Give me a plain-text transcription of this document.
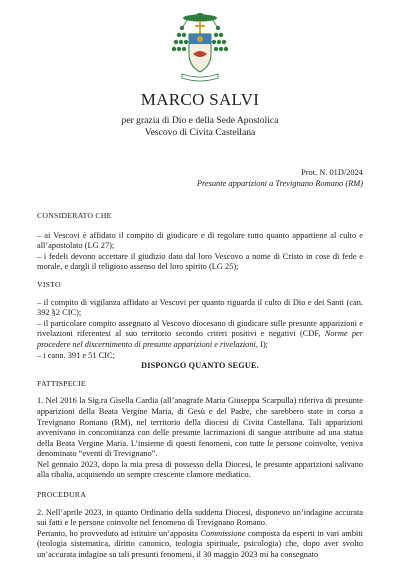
MARCO SALVI
per grazia di Dio e della Sede Apostolica
Vescovo di Civita Castellana
Prot. N. 01D/2024
Presunte apparizioni a Trevignano Romano (RM)
CONSIDERATO CHE
– ai Vescovi è affidato il compito di giudicare e di regolare tutto quanto appartiene al culto e all’apostolato (LG 27);
– i fedeli devono accettare il giudizio dato dal loro Vescovo a nome di Cristo in cose di fede e morale, e dargli il religioso assenso del loro spirito (LG 25);
VISTO
– il compito di vigilanza affidato ai Vescovi per quanto riguarda il culto di Dio e dei Santi (can. 392 §2 CIC);
– il particolare compito assegnato al Vescovo diocesano di giudicare sulle presunte apparizioni e rivelazioni riferentesi al suo territorio secondo criteri positivi e negativi (CDF, Norme per procedere nel discernimento di presunte apparizioni e rivelazioni, I);
– i cann. 391 e 51 CIC;
DISPONGO QUANTO SEGUE.
FATTISPECIE
1. Nel 2016 la Sig.ra Gisella Cardia (all’anagrafe Maria Giuseppa Scarpulla) riferiva di presunte apparizioni della Beata Vergine Maria, di Gesù e del Padre, che sarebbero state in corso a Trevignano Romano (RM), nel territorio della diocesi di Civita Castellana. Tali apparizioni avvenivano in concomitanza con delle presunte lacrimazioni di sangue attribuite ad una statua della Beata Vergine Maria. L’insieme di questi fenomeni, con tutte le persone coinvolte, veniva denominato “eventi di Trevignano”.
Nel gennaio 2023, dopo la mia presa di possesso della Diocesi, le presunte apparizioni salivano alla ribalta, acquisendo un sempre crescente clamore mediatico.
PROCEDURA
2. Nell’aprile 2023, in quanto Ordinario della suddetta Diocesi, disponevo un’indagine accurata sui fatti e le persone coinvolte nel fenomeno di Trevignano Romano.
Pertanto, ho provveduto ad istituire un’apposita Commissione composta da esperti in vari ambiti (teologia sistematica, diritto canonico, teologia spirituale, psicologia) che, dopo aver svolto un’accurata indagine su tali presunti fenomeni, il 30 maggio 2023 mi ha consegnato
